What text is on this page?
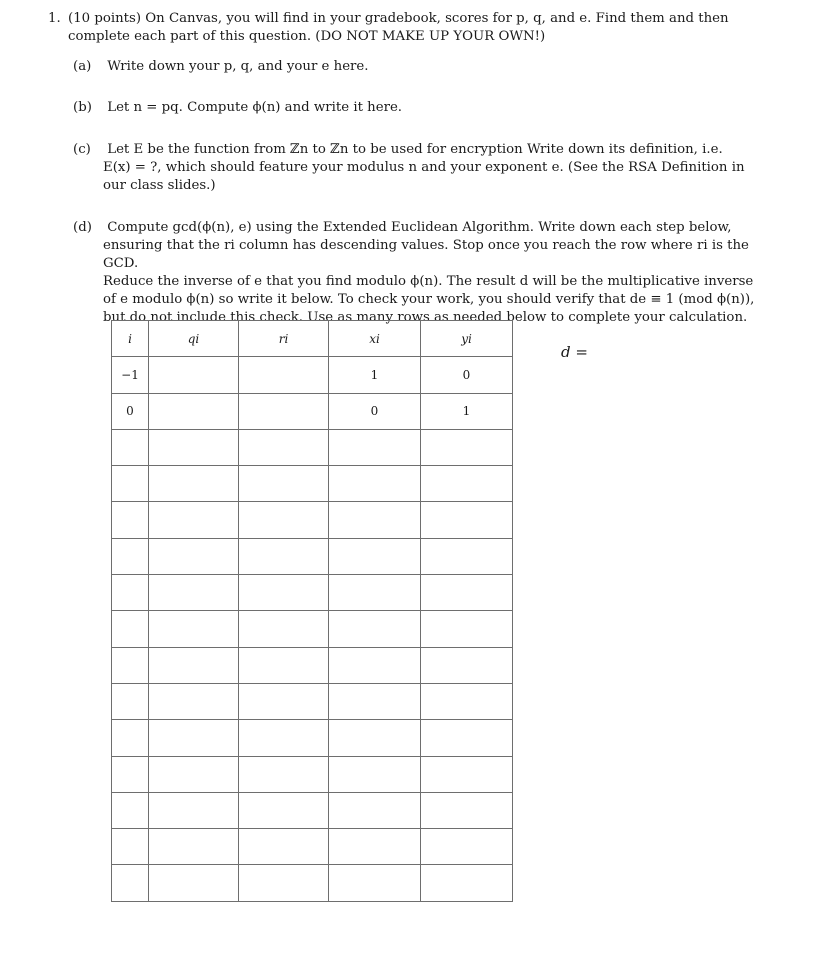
1. (10 points) On Canvas, you will find in your gradebook, scores for p, q, and e. Find them and then
complete each part of this question. (DO NOT MAKE UP YOUR OWN!)
(a) Write down your p, q, and your e here.
(b) Let n = pq. Compute ϕ(n) and write it here.
(c) Let E be the function from ℤn to ℤn to be used for encryption Write down its definition, i.e.
E(x) = ?, which should feature your modulus n and your exponent e. (See the RSA Definition in
our class slides.)
(d) Compute gcd(ϕ(n), e) using the Extended Euclidean Algorithm. Write down each step below,
ensuring that the ri column has descending values. Stop once you reach the row where ri is the GCD.
Reduce the inverse of e that you find modulo ϕ(n). The result d will be the multiplicative inverse
of e modulo ϕ(n) so write it below. To check your work, you should verify that de ≡ 1 (mod ϕ(n)),
but do not include this check. Use as many rows as needed below to complete your calculation.
i	qi	ri	xi	yi
−1			1	0
0			0	1

d =
